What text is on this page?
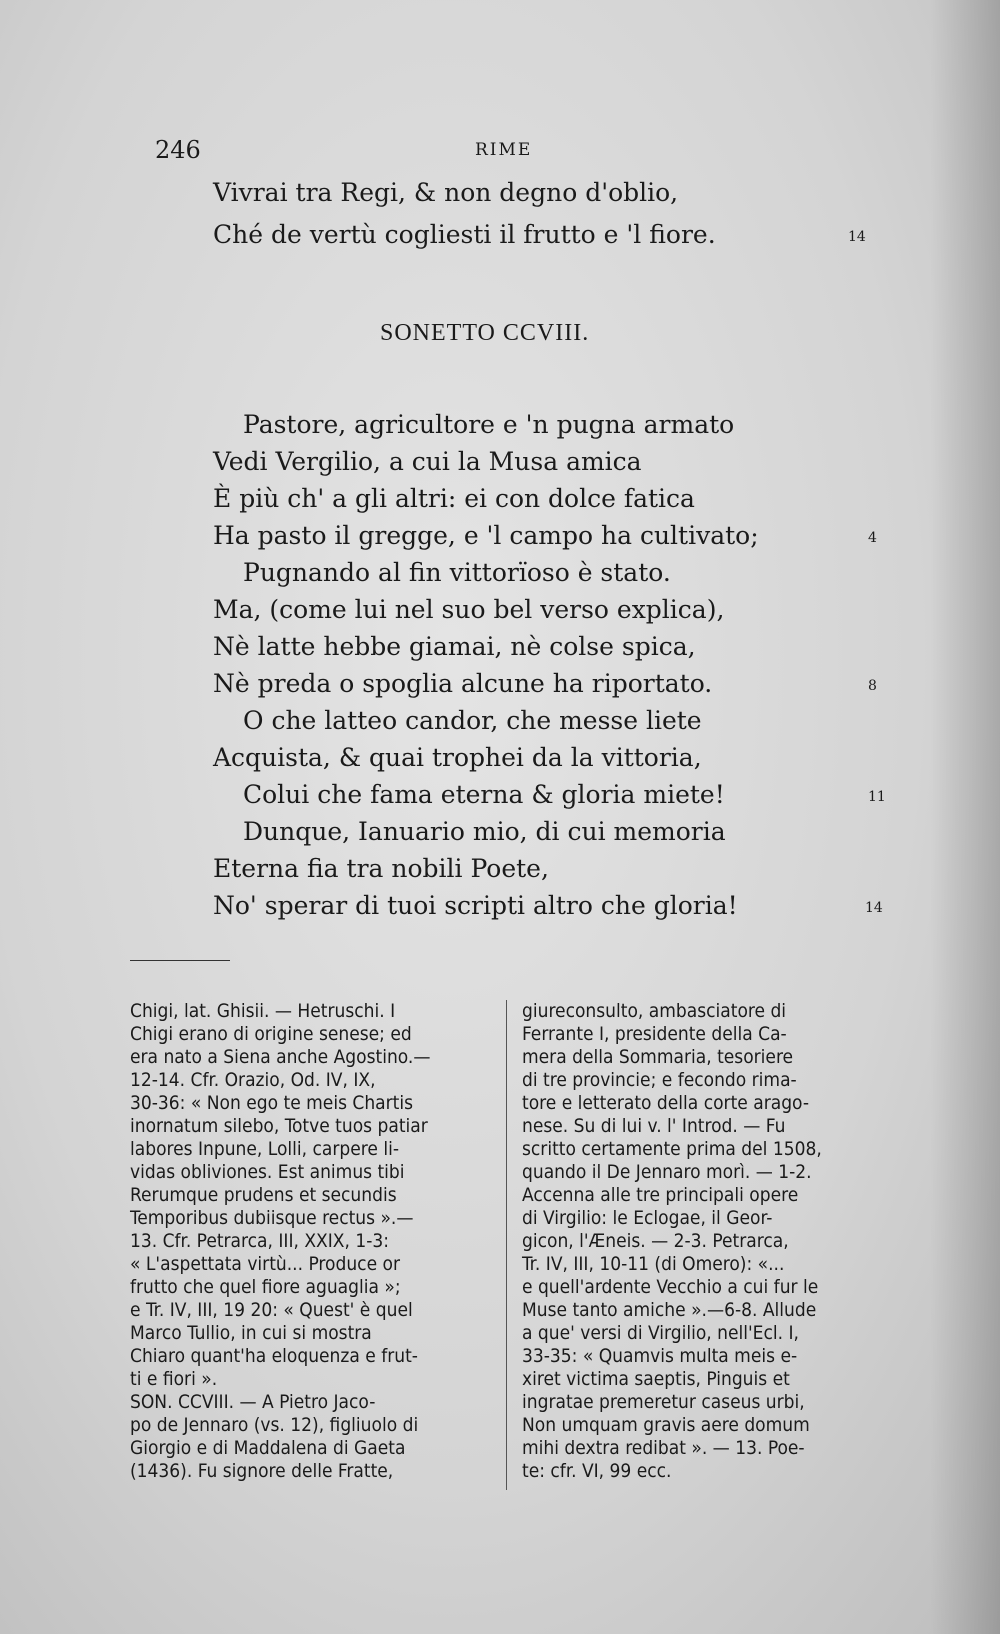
246	RIME
Vivrai tra Regi, & non degno d'oblio,
Ché de vertù cogliesti il frutto e 'l fiore.	14
SONETTO CCVIII.
Pastore, agricultore e 'n pugna armato
Vedi Vergilio, a cui la Musa amica
È più ch' a gli altri: ei con dolce fatica
Ha pasto il gregge, e 'l campo ha cultivato;	4
Pugnando al fin vittorïoso è stato.
Ma, (come lui nel suo bel verso explica),
Nè latte hebbe giamai, nè colse spica,
Nè preda o spoglia alcune ha riportato.	8
O che latteo candor, che messe liete
Acquista, & quai trophei da la vittoria,
Colui che fama eterna & gloria miete!	11
Dunque, Ianuario mio, di cui memoria
Eterna fia tra nobili Poete,
No' sperar di tuoi scripti altro che gloria!	14
Chigi, lat. Ghisii. — Hetruschi. I
Chigi erano di origine senese; ed
era nato a Siena anche Agostino.—
12-14. Cfr. Orazio, Od. IV, IX,
30-36: « Non ego te meis Chartis
inornatum silebo, Totve tuos patiar
labores Inpune, Lolli, carpere li-
vidas obliviones. Est animus tibi
Rerumque prudens et secundis
Temporibus dubiisque rectus ».—
13. Cfr. Petrarca, III, XXIX, 1-3:
« L'aspettata virtù... Produce or
frutto che quel fiore aguaglia »;
e Tr. IV, III, 19 20: « Quest' è quel
Marco Tullio, in cui si mostra
Chiaro quant'ha eloquenza e frut-
ti e fiori ».
SON. CCVIII. — A Pietro Jaco-
po de Jennaro (vs. 12), figliuolo di
Giorgio e di Maddalena di Gaeta
(1436). Fu signore delle Fratte,
giureconsulto, ambasciatore di
Ferrante I, presidente della Ca-
mera della Sommaria, tesoriere
di tre provincie; e fecondo rima-
tore e letterato della corte arago-
nese. Su di lui v. l' Introd. — Fu
scritto certamente prima del 1508,
quando il De Jennaro morì. — 1-2.
Accenna alle tre principali opere
di Virgilio: le Eclogae, il Geor-
gicon, l'Æneis. — 2-3. Petrarca,
Tr. IV, III, 10-11 (di Omero): «...
e quell'ardente Vecchio a cui fur le
Muse tanto amiche ».—6-8. Allude
a que' versi di Virgilio, nell'Ecl. I,
33-35: « Quamvis multa meis e-
xiret victima saeptis, Pinguis et
ingratae premeretur caseus urbi,
Non umquam gravis aere domum
mihi dextra redibat ». — 13. Poe-
te: cfr. VI, 99 ecc.
